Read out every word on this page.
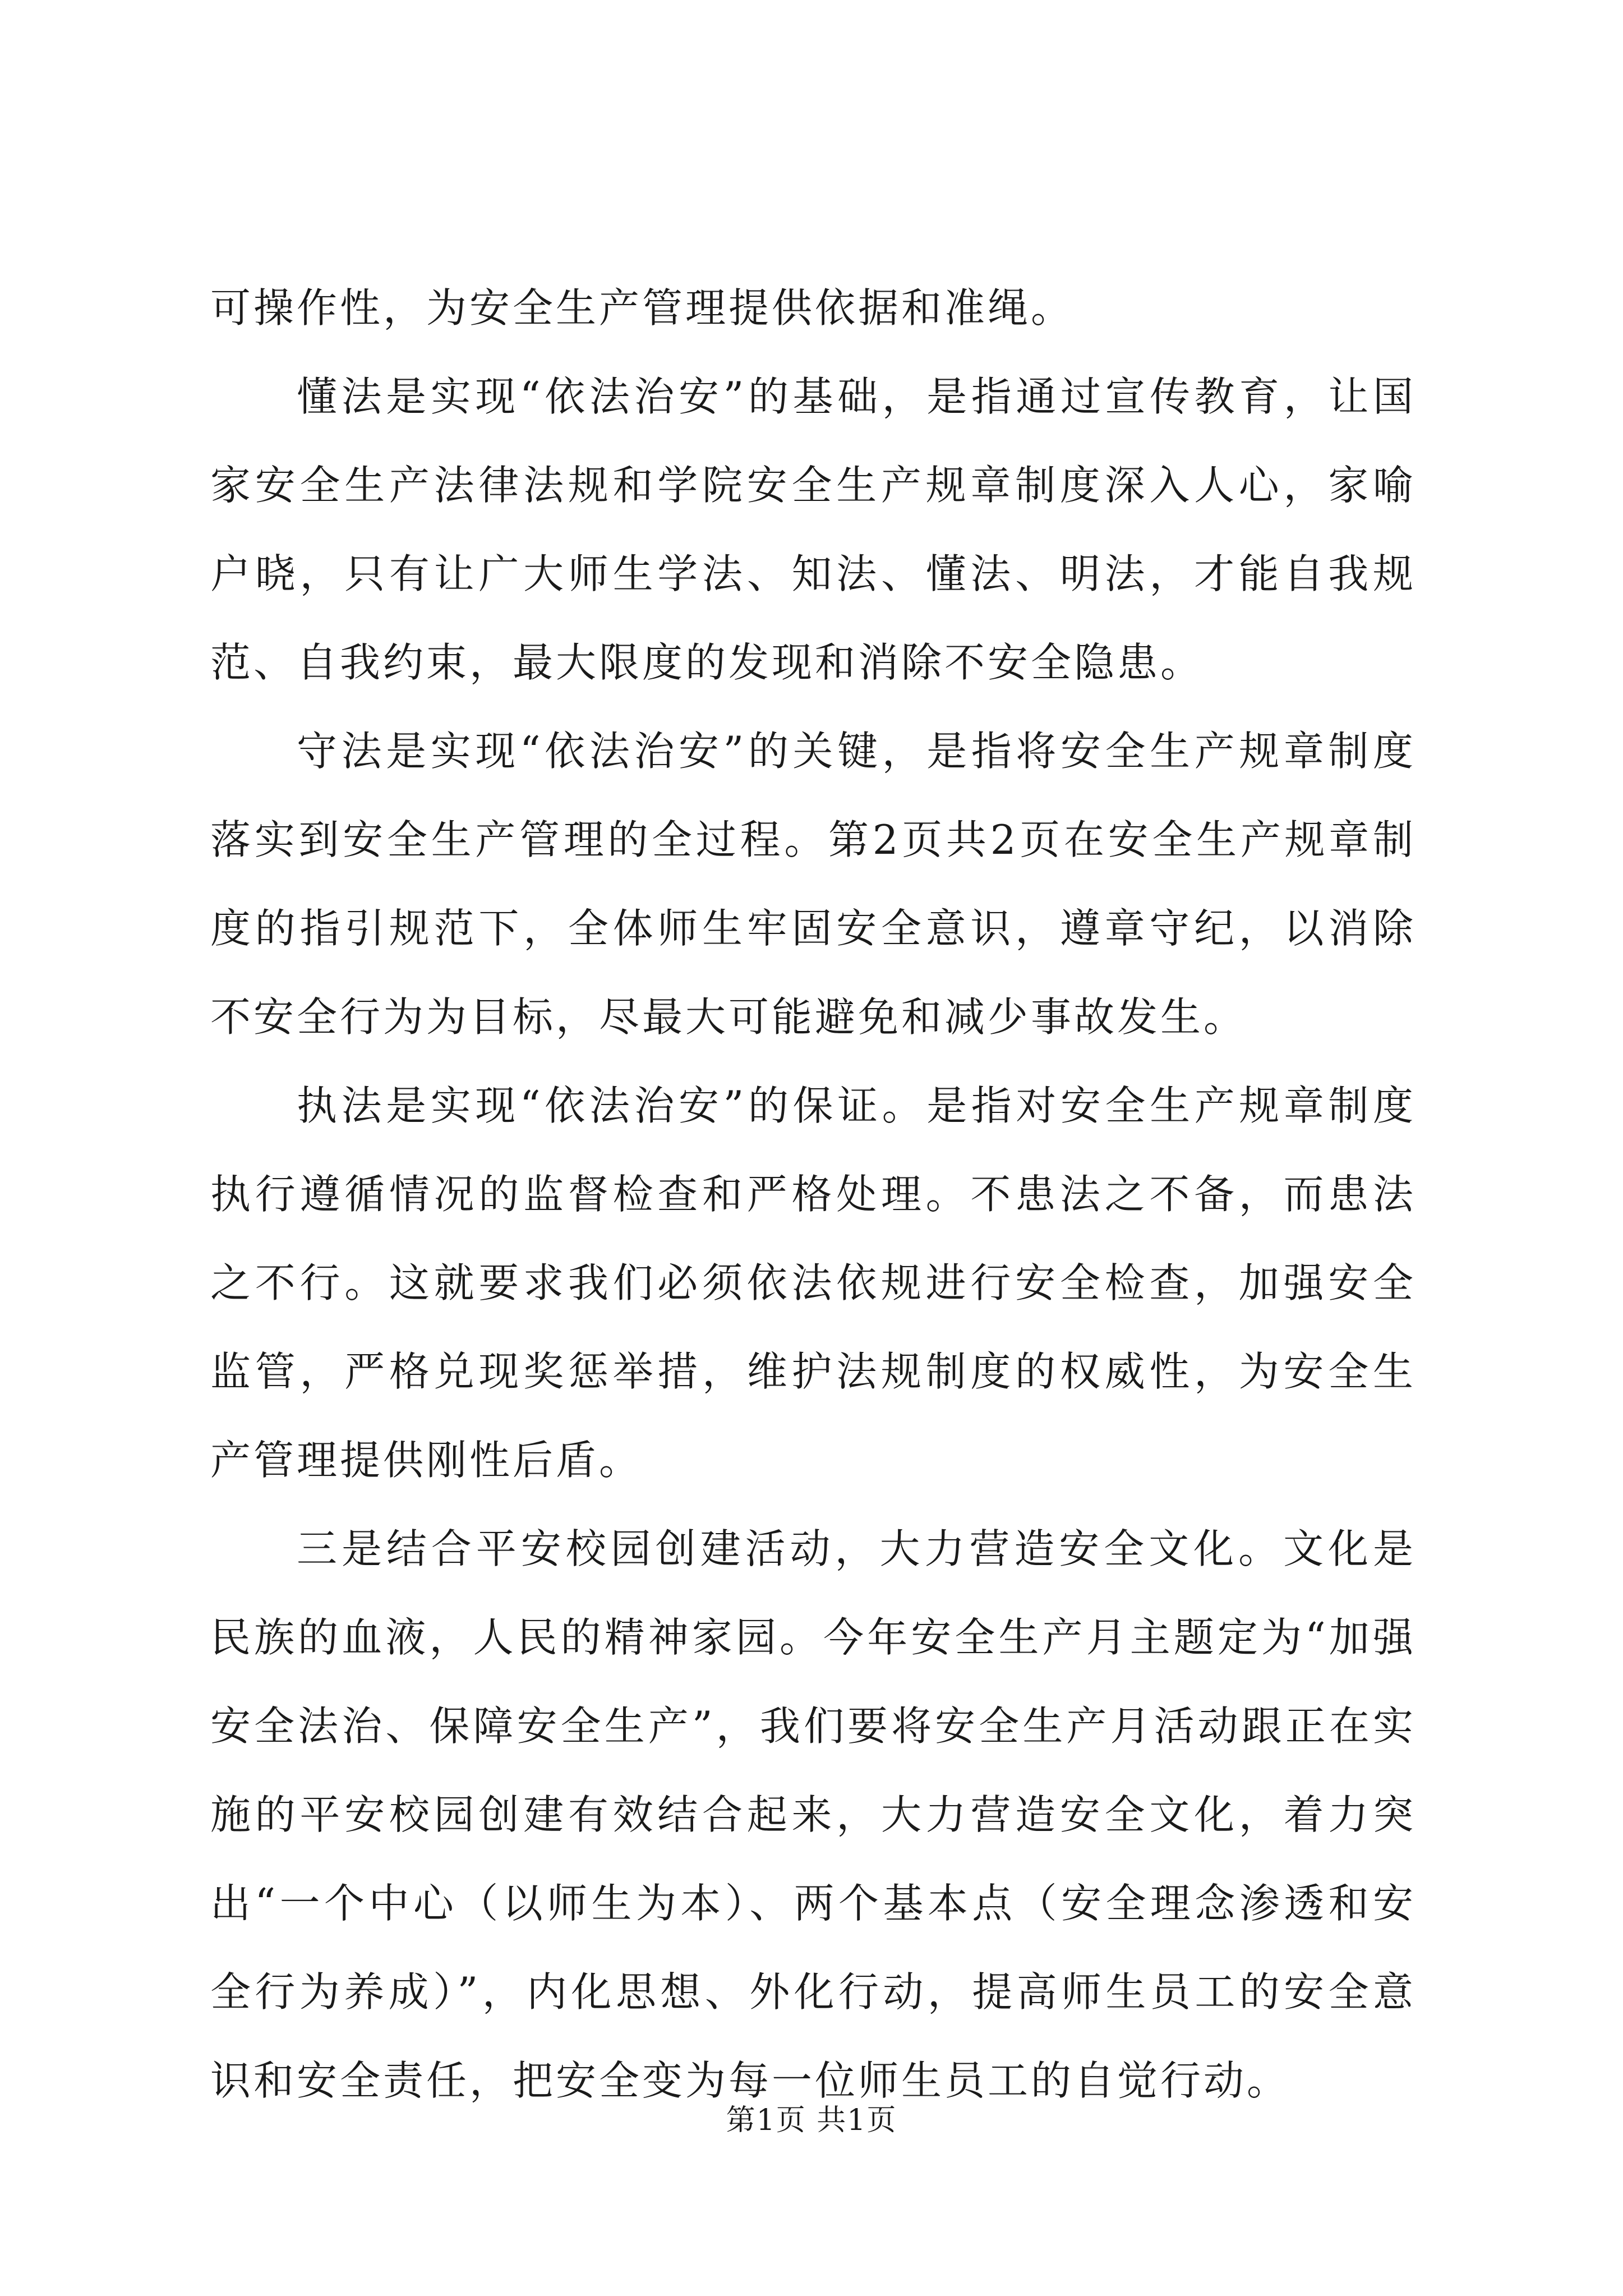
可操作性，为安全生产管理提供依据和准绳。

懂法是实现“依法治安”的基础，是指通过宣传教育，让国家安全生产法律法规和学院安全生产规章制度深入人心，家喻户晓，只有让广大师生学法、知法、懂法、明法，才能自我规范、自我约束，最大限度的发现和消除不安全隐患。

守法是实现“依法治安”的关键，是指将安全生产规章制度落实到安全生产管理的全过程。第2页共2页在安全生产规章制度的指引规范下，全体师生牢固安全意识，遵章守纪，以消除不安全行为为目标，尽最大可能避免和减少事故发生。

执法是实现“依法治安”的保证。是指对安全生产规章制度执行遵循情况的监督检查和严格处理。不患法之不备，而患法之不行。这就要求我们必须依法依规进行安全检查，加强安全监管，严格兑现奖惩举措，维护法规制度的权威性，为安全生产管理提供刚性后盾。

三是结合平安校园创建活动，大力营造安全文化。文化是民族的血液，人民的精神家园。今年安全生产月主题定为“加强安全法治、保障安全生产”，我们要将安全生产月活动跟正在实施的平安校园创建有效结合起来，大力营造安全文化，着力突出“一个中心（以师生为本）、两个基本点（安全理念渗透和安全行为养成）”，内化思想、外化行动，提高师生员工的安全意识和安全责任，把安全变为每一位师生员工的自觉行动。

第1页 共1页
